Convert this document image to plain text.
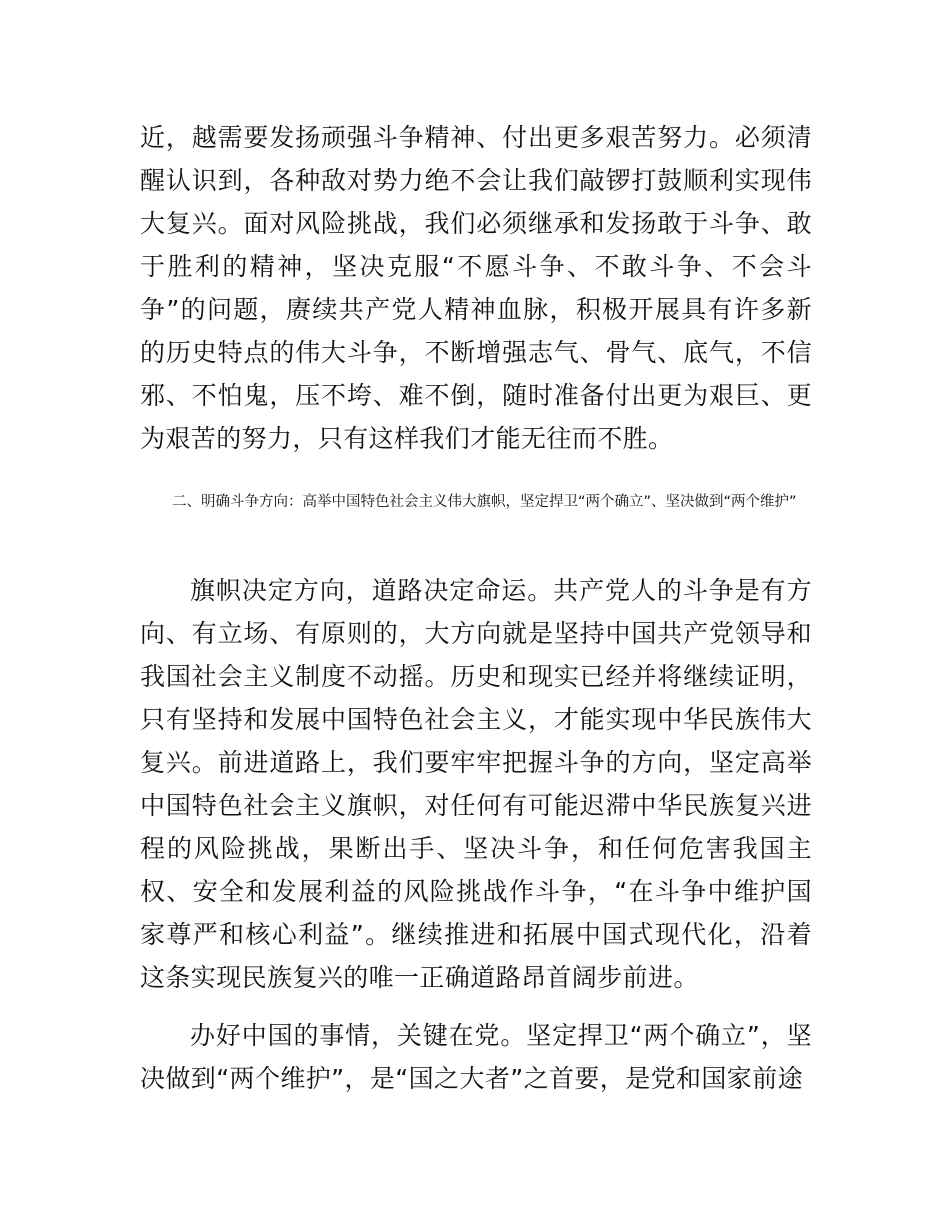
近，越需要发扬顽强斗争精神、付出更多艰苦努力。必须清醒认识到，各种敌对势力绝不会让我们敲锣打鼓顺利实现伟大复兴。面对风险挑战，我们必须继承和发扬敢于斗争、敢于胜利的精神，坚决克服“不愿斗争、不敢斗争、不会斗争”的问题，赓续共产党人精神血脉，积极开展具有许多新的历史特点的伟大斗争，不断增强志气、骨气、底气，不信邪、不怕鬼，压不垮、难不倒，随时准备付出更为艰巨、更为艰苦的努力，只有这样我们才能无往而不胜。

二、明确斗争方向：高举中国特色社会主义伟大旗帜，坚定捍卫“两个确立”、坚决做到“两个维护”

旗帜决定方向，道路决定命运。共产党人的斗争是有方向、有立场、有原则的，大方向就是坚持中国共产党领导和我国社会主义制度不动摇。历史和现实已经并将继续证明，只有坚持和发展中国特色社会主义，才能实现中华民族伟大复兴。前进道路上，我们要牢牢把握斗争的方向，坚定高举中国特色社会主义旗帜，对任何有可能迟滞中华民族复兴进程的风险挑战，果断出手、坚决斗争，和任何危害我国主权、安全和发展利益的风险挑战作斗争，“在斗争中维护国家尊严和核心利益”。继续推进和拓展中国式现代化，沿着这条实现民族复兴的唯一正确道路昂首阔步前进。

办好中国的事情，关键在党。坚定捍卫“两个确立”，坚决做到“两个维护”，是“国之大者”之首要，是党和国家前途
